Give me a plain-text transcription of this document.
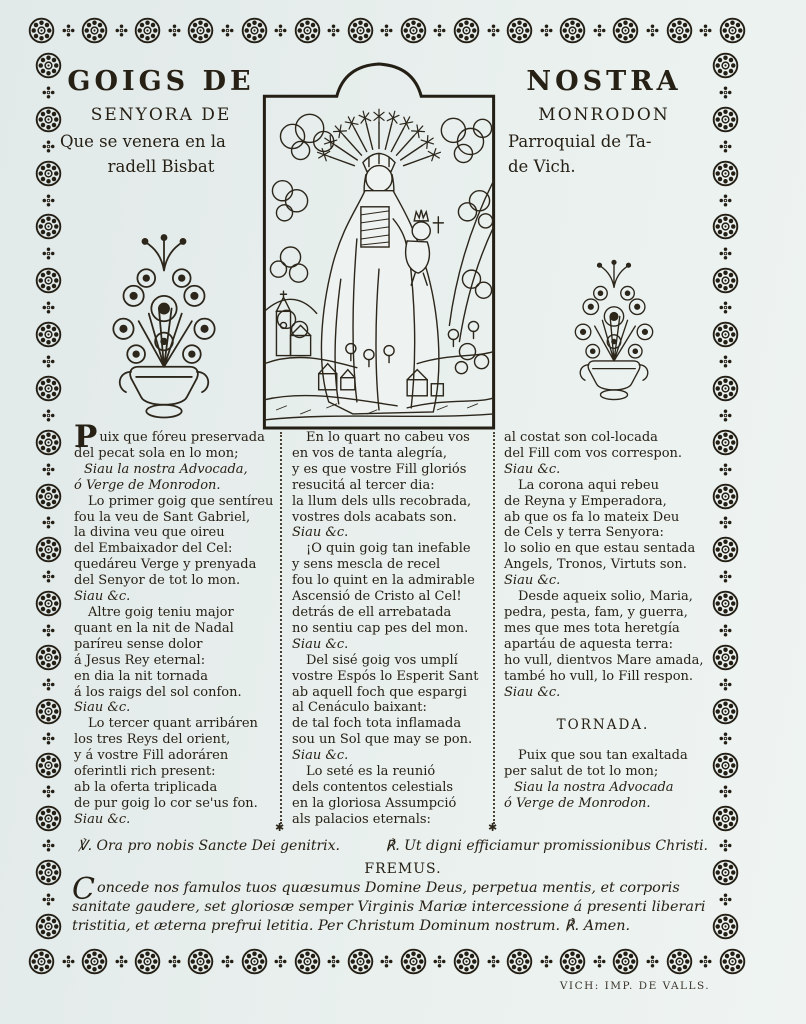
GOIGS DE
SENYORA DE
Que se venera en la
radell Bisbat
NOSTRA
MONRODON
Parroquial de Ta-
de Vich.
Puix que fóreu preservada
del pecat sola en lo mon;
Siau la nostra Advocada,
ó Verge de Monrodon.
Lo primer goig que sentíreu
fou la veu de Sant Gabriel,
la divina veu que oireu
del Embaixador del Cel:
quedáreu Verge y prenyada
del Senyor de tot lo mon.
Siau &c.
Altre goig teniu major
quant en la nit de Nadal
paríreu sense dolor
á Jesus Rey eternal:
en dia la nit tornada
á los raigs del sol confon.
Siau &c.
Lo tercer quant arribáren
los tres Reys del orient,
y á vostre Fill adoráren
oferintli rich present:
ab la oferta triplicada
de pur goig lo cor se'us fon.
Siau &c.
✱
En lo quart no cabeu vos
en vos de tanta alegría,
y es que vostre Fill gloriós
resucitá al tercer dia:
la llum dels ulls recobrada,
vostres dols acabats son.
Siau &c.
¡O quin goig tan inefable
y sens mescla de recel
fou lo quint en la admirable
Ascensió de Cristo al Cel!
detrás de ell arrebatada
no sentiu cap pes del mon.
Siau &c.
Del sisé goig vos umplí
vostre Espós lo Esperit Sant
ab aquell foch que espargi
al Cenáculo baixant:
de tal foch tota inflamada
sou un Sol que may se pon.
Siau &c.
Lo seté es la reunió
dels contentos celestials
en la gloriosa Assumpció
als palacios eternals:
✱
al costat son col-locada
del Fill com vos correspon.
Siau &c.
La corona aqui rebeu
de Reyna y Emperadora,
ab que os fa lo mateix Deu
de Cels y terra Senyora:
lo solio en que estau sentada
Angels, Tronos, Virtuts son.
Siau &c.
Desde aqueix solio, Maria,
pedra, pesta, fam, y guerra,
mes que mes tota heretgía
apartáu de aquesta terra:
ho vull, dientvos Mare amada,
també ho vull, lo Fill respon.
Siau &c.
TORNADA.
Puix que sou tan exaltada
per salut de tot lo mon;
Siau la nostra Advocada
ó Verge de Monrodon.
℣. Ora pro nobis Sancte Dei genitrix.	℟. Ut digni efficiamur promissionibus Christi.
FREMUS.
Concede nos famulos tuos quæsumus Domine Deus, perpetua mentis, et corporis sanitate gaudere, set gloriosæ semper Virginis Mariæ intercessione á presenti liberari tristitia, et æterna prefrui letitia. Per Christum Dominum nostrum. ℟. Amen.
VICH: IMP. DE VALLS.
